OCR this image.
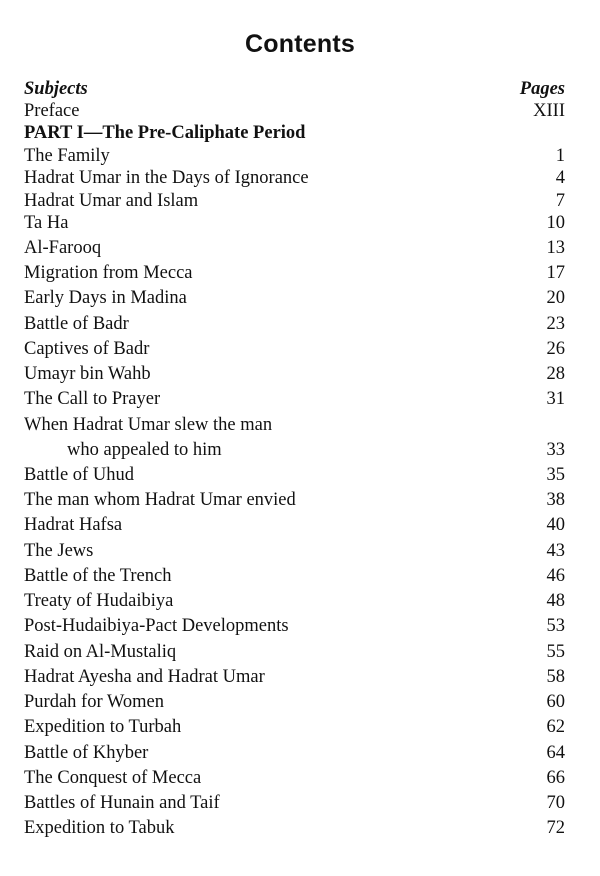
Contents
Subjects	Pages
Preface	XIII
PART I—The Pre-Caliphate Period
The Family	1
Hadrat Umar in the Days of Ignorance	4
Hadrat Umar and Islam	7
Ta Ha	10
Al-Farooq	13
Migration from Mecca	17
Early Days in Madina	20
Battle of Badr	23
Captives of Badr	26
Umayr bin Wahb	28
The Call to Prayer	31
When Hadrat Umar slew the man
who appealed to him	33
Battle of Uhud	35
The man whom Hadrat Umar envied	38
Hadrat Hafsa	40
The Jews	43
Battle of the Trench	46
Treaty of Hudaibiya	48
Post-Hudaibiya-Pact Developments	53
Raid on Al-Mustaliq	55
Hadrat Ayesha and Hadrat Umar	58
Purdah for Women	60
Expedition to Turbah	62
Battle of Khyber	64
The Conquest of Mecca	66
Battles of Hunain and Taif	70
Expedition to Tabuk	72
